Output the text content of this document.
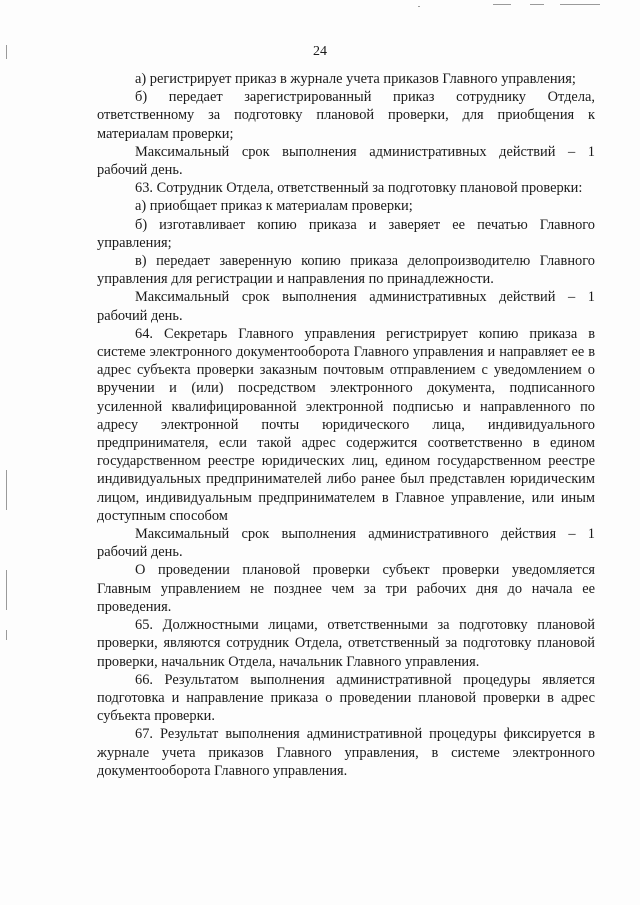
24

а) регистрирует приказ в журнале учета приказов Главного управления;

б) передает зарегистрированный приказ сотруднику Отдела, ответственному за подготовку плановой проверки, для приобщения к материалам проверки;

Максимальный срок выполнения административных действий – 1 рабочий день.

63. Сотрудник Отдела, ответственный за подготовку плановой проверки:

а) приобщает приказ к материалам проверки;

б) изготавливает копию приказа и заверяет ее печатью Главного управления;

в) передает заверенную копию приказа делопроизводителю Главного управления для регистрации и направления по принадлежности.

Максимальный срок выполнения административных действий – 1 рабочий день.

64. Секретарь Главного управления регистрирует копию приказа в системе электронного документооборота Главного управления и направляет ее в адрес субъекта проверки заказным почтовым отправлением с уведомлением о вручении и (или) посредством электронного документа, подписанного усиленной квалифицированной электронной подписью и направленного по адресу электронной почты юридического лица, индивидуального предпринимателя, если такой адрес содержится соответственно в едином государственном реестре юридических лиц, едином государственном реестре индивидуальных предпринимателей либо ранее был представлен юридическим лицом, индивидуальным предпринимателем в Главное управление, или иным доступным способом

Максимальный срок выполнения административного действия – 1 рабочий день.

О проведении плановой проверки субъект проверки уведомляется Главным управлением не позднее чем за три рабочих дня до начала ее проведения.

65. Должностными лицами, ответственными за подготовку плановой проверки, являются сотрудник Отдела, ответственный за подготовку плановой проверки, начальник Отдела, начальник Главного управления.

66. Результатом выполнения административной процедуры является подготовка и направление приказа о проведении плановой проверки в адрес субъекта проверки.

67. Результат выполнения административной процедуры фиксируется в журнале учета приказов Главного управления, в системе электронного документооборота Главного управления.
